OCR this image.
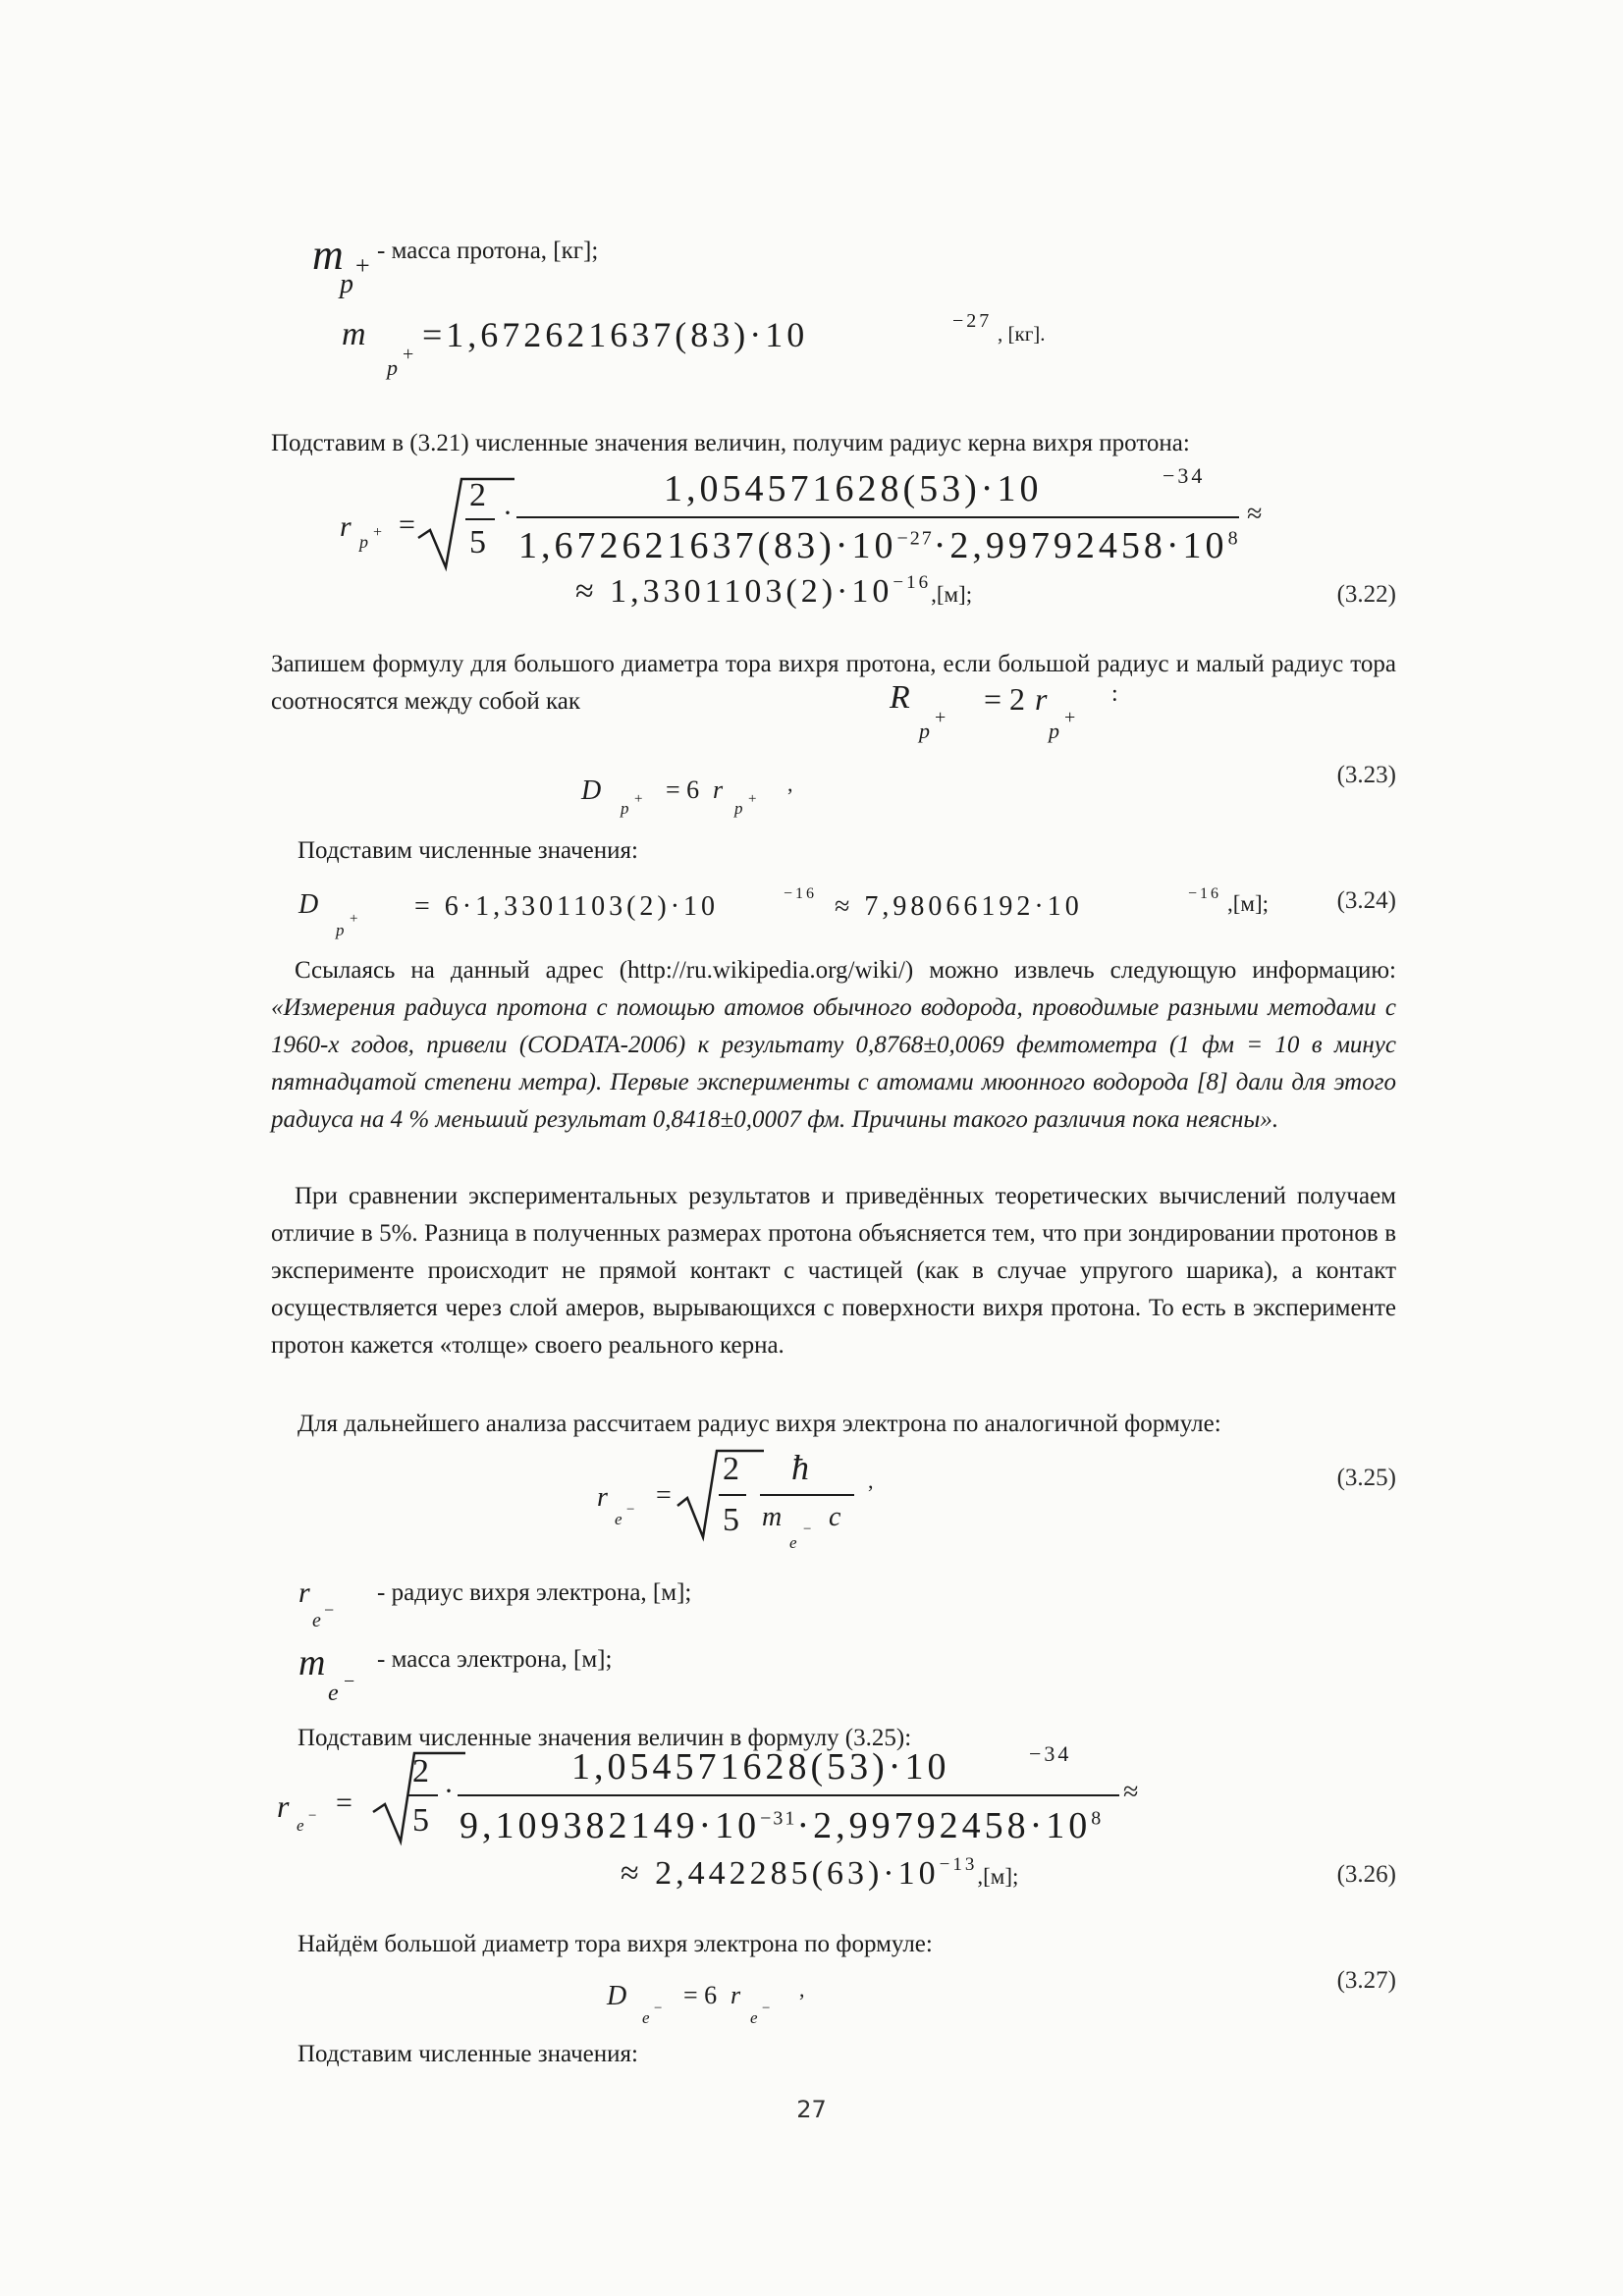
m
p
+
- масса протона, [кг];
m
p
+ =1,672621637(83)·10	−27
, [кг].
Подставим в (3.21) численные значения величин, получим радиус керна вихря протона:
r p + =
2
5
·
1,054571628(53)·10	−34
$1,672621637(83)\cdot 10^{-27}\cdot 2,99792458\cdot 10^8$
≈
≈ 1,3301103(2)·10−16,[м];	(3.22)
Запишем формулу для большого диаметра тора вихря протона, если большой радиус и малый радиус тора соотносятся между собой как	R
p
+
= 2 r
p
+
:
D
p + = 6 r
p +
,	(3.23)
Подставим численные значения:
D
p
+ = 6·1,3301103(2)·10	−16 ≈ 7,98066192·10	−16 ,[м];	(3.24)
Ссылаясь на данный адрес (http://ru.wikipedia.org/wiki/) можно извлечь следующую информацию: «Измерения радиуса протона с помощью атомов обычного водорода, проводимые разными методами с 1960-х годов, привели (CODATA-2006) к результату 0,8768±0,0069 фемтометра (1 фм = 10 в минус пятнадцатой степени метра). Первые эксперименты с атомами мюонного водорода [8] дали для этого радиуса на 4 % меньший результат 0,8418±0,0007 фм. Причины такого различия пока неясны».
При сравнении экспериментальных результатов и приведённых теоретических вычислений получаем отличие в 5%. Разница в полученных размерах протона объясняется тем, что при зондировании протонов в эксперименте происходит не прямой контакт с частицей (как в случае упругого шарика), а контакт осуществляется через слой амеров, вырывающихся с поверхности вихря протона. То есть в эксперименте протон кажется «толще» своего реального керна.
Для дальнейшего анализа рассчитаем радиус вихря электрона по аналогичной формуле:
r
e − =
2
5
ħ
m
e
− c
,	(3.25)
r
e −
- радиус вихря электрона, [м];
m
e −
- масса электрона, [м];
Подставим численные значения величин в формулу (3.25):
r
e − =
2
5
·
1,054571628(53)·10	−34
$9,109382149\cdot 10^{-31}\cdot 2,99792458\cdot 10^8$
≈
≈ 2,442285(63)·10−13,[м];	(3.26)
Найдём большой диаметр тора вихря электрона по формуле:
D
e − = 6 r
e −
,	(3.27)
Подставим численные значения:
27
